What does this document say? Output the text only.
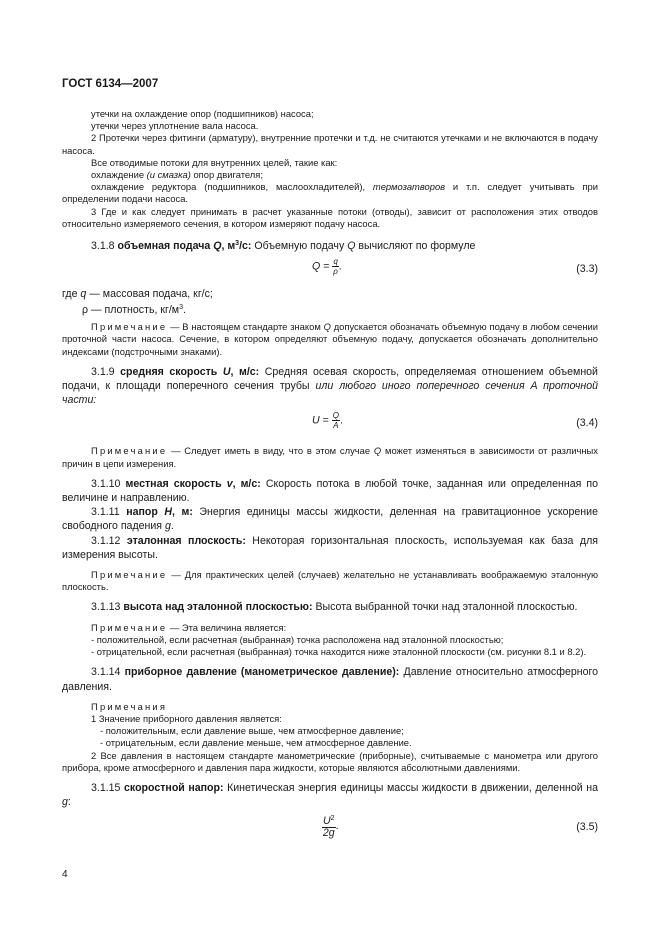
ГОСТ 6134—2007

утечки на охлаждение опор (подшипников) насоса;

утечки через уплотнение вала насоса.

2 Протечки через фитинги (арматуру), внутренние протечки и т.д. не считаются утечками и не включаются в подачу насоса.

Все отводимые потоки для внутренних целей, такие как:

охлаждение (и смазка) опор двигателя;

охлаждение редуктора (подшипников, маслоохладителей), термозатворов и т.п. следует учитывать при определении подачи насоса.

3 Где и как следует принимать в расчет указанные потоки (отводы), зависит от расположения этих отводов относительно измеряемого сечения, в котором измеряют подачу насоса.

3.1.8 объемная подача Q, $м^3/с$: Объемную подачу Q вычисляют по формуле

$Q = \frac{q}{\rho}$ .	(3.3)
где q — массовая подача, кг/с;
ρ — плотность, $кг/м^3$.

Примечание — В настоящем стандарте знаком Q допускается обозначать объемную подачу в любом сечении проточной части насоса. Сечение, в котором определяют объемную подачу, допускается обозначать дополнительно индексами (подстрочными знаками).

3.1.9 средняя скорость U, м/с: Средняя осевая скорость, определяемая отношением объемной подачи, к площади поперечного сечения трубы или любого иного поперечного сечения A проточной части:

$U = \frac{Q}{A}$ .	(3.4)

Примечание — Следует иметь в виду, что в этом случае Q может изменяться в зависимости от различных причин в цепи измерения.

3.1.10 местная скорость v, м/с: Скорость потока в любой точке, заданная или определенная по величине и направлению.

3.1.11 напор H, м: Энергия единицы массы жидкости, деленная на гравитационное ускорение свободного падения g.

3.1.12 эталонная плоскость: Некоторая горизонтальная плоскость, используемая как база для измерения высоты.

Примечание — Для практических целей (случаев) желательно не устанавливать воображаемую эталонную плоскость.

3.1.13 высота над эталонной плоскостью: Высота выбранной точки над эталонной плоскостью.

Примечание — Эта величина является:

- положительной, если расчетная (выбранная) точка расположена над эталонной плоскостью;

- отрицательной, если расчетная (выбранная) точка находится ниже эталонной плоскости (см. рисунки 8.1 и 8.2).

3.1.14 приборное давление (манометрическое давление): Давление относительно атмосферного давления.

Примечания

1 Значение приборного давления является:

- положительным, если давление выше, чем атмосферное давление;

- отрицательным, если давление меньше, чем атмосферное давление.

2 Все давления в настоящем стандарте манометрические (приборные), считываемые с манометра или другого прибора, кроме атмосферного и давления пара жидкости, которые являются абсолютными давлениями.

3.1.15 скоростной напор: Кинетическая энергия единицы массы жидкости в движении, деленной на g:

$\frac{U^2}{2g}$ .	(3.5)
4
